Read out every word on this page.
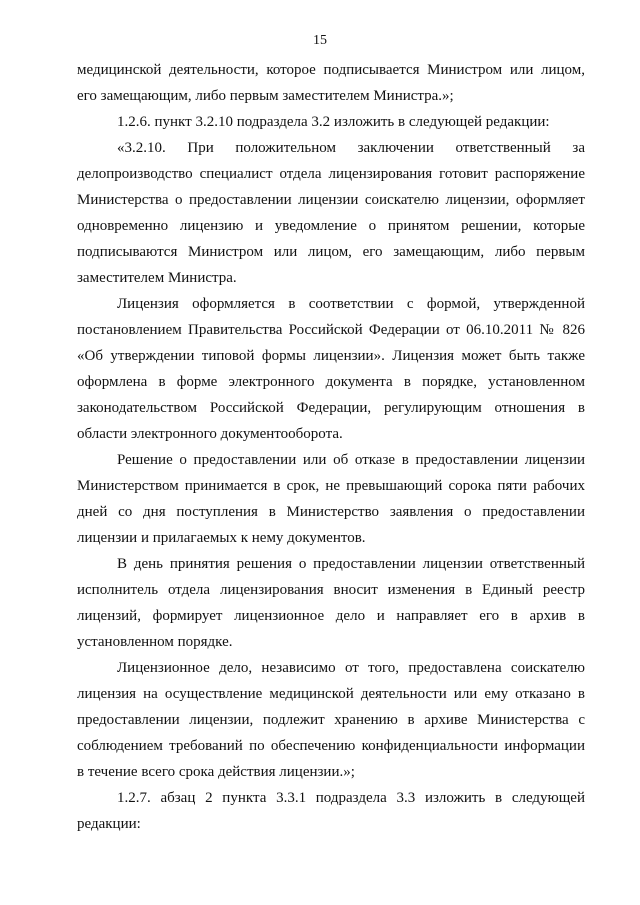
15
медицинской деятельности, которое подписывается Министром или лицом,
его замещающим, либо первым заместителем Министра.»;
1.2.6. пункт 3.2.10 подраздела 3.2 изложить в следующей редакции:
«3.2.10. При положительном заключении ответственный за
делопроизводство специалист отдела лицензирования готовит распоряжение
Министерства о предоставлении лицензии соискателю лицензии, оформляет
одновременно лицензию и уведомление о принятом решении, которые
подписываются Министром или лицом, его замещающим, либо первым
заместителем Министра.
Лицензия оформляется в соответствии с формой, утвержденной
постановлением Правительства Российской Федерации от 06.10.2011 № 826
«Об утверждении типовой формы лицензии». Лицензия может быть также
оформлена в форме электронного документа в порядке, установленном
законодательством Российской Федерации, регулирующим отношения в
области электронного документооборота.
Решение о предоставлении или об отказе в предоставлении лицензии
Министерством принимается в срок, не превышающий сорока пяти рабочих
дней со дня поступления в Министерство заявления о предоставлении
лицензии и прилагаемых к нему документов.
В день принятия решения о предоставлении лицензии ответственный
исполнитель отдела лицензирования вносит изменения в Единый реестр
лицензий, формирует лицензионное дело и направляет его в архив в
установленном порядке.
Лицензионное дело, независимо от того, предоставлена соискателю
лицензия на осуществление медицинской деятельности или ему отказано в
предоставлении лицензии, подлежит хранению в архиве Министерства с
соблюдением требований по обеспечению конфиденциальности информации
в течение всего срока действия лицензии.»;
1.2.7. абзац 2 пункта 3.3.1 подраздела 3.3 изложить в следующей
редакции:
